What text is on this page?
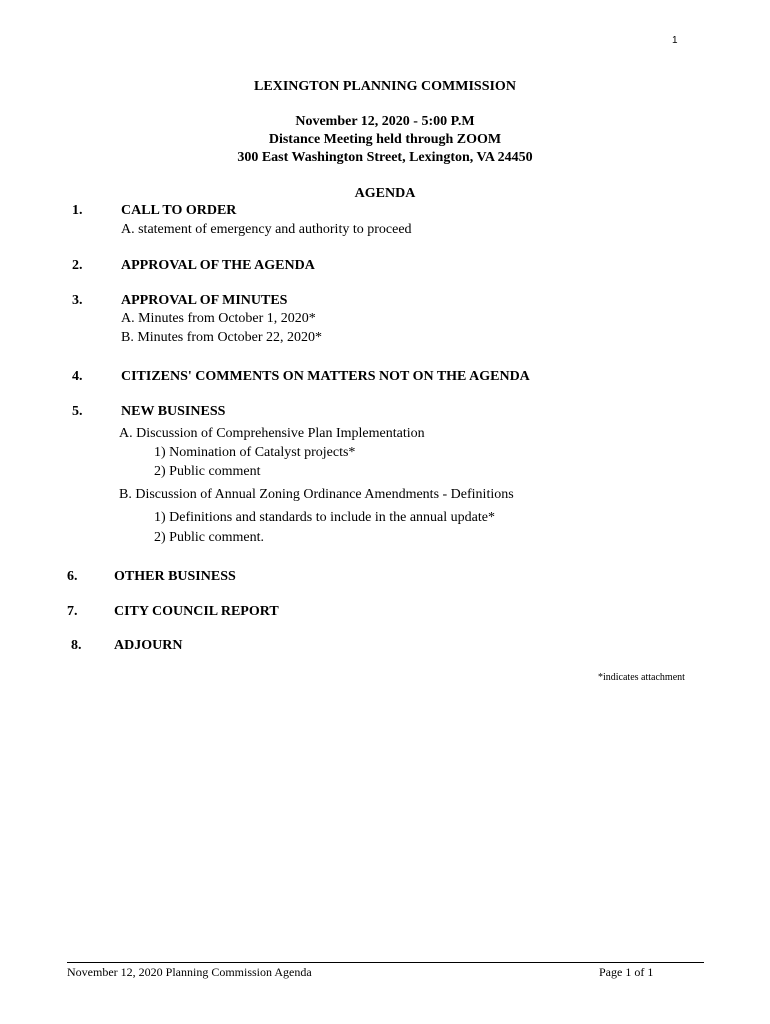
1
LEXINGTON PLANNING COMMISSION
November 12, 2020 - 5:00 P.M
Distance Meeting held through ZOOM
300 East Washington Street, Lexington, VA 24450
AGENDA
1.	CALL TO ORDER
A. statement of emergency and authority to proceed
2.	APPROVAL OF THE AGENDA
3.	APPROVAL OF MINUTES
A. Minutes from October 1, 2020*
B. Minutes from October 22, 2020*
4.	CITIZENS' COMMENTS ON MATTERS NOT ON THE AGENDA
5.	NEW BUSINESS
A. Discussion of Comprehensive Plan Implementation
1) Nomination of Catalyst projects*
2) Public comment
B. Discussion of Annual Zoning Ordinance Amendments - Definitions
1) Definitions and standards to include in the annual update*
2) Public comment.
6.	OTHER BUSINESS
7.	CITY COUNCIL REPORT
8. ADJOURN
*indicates attachment
November 12, 2020 Planning Commission Agenda	Page 1 of 1
